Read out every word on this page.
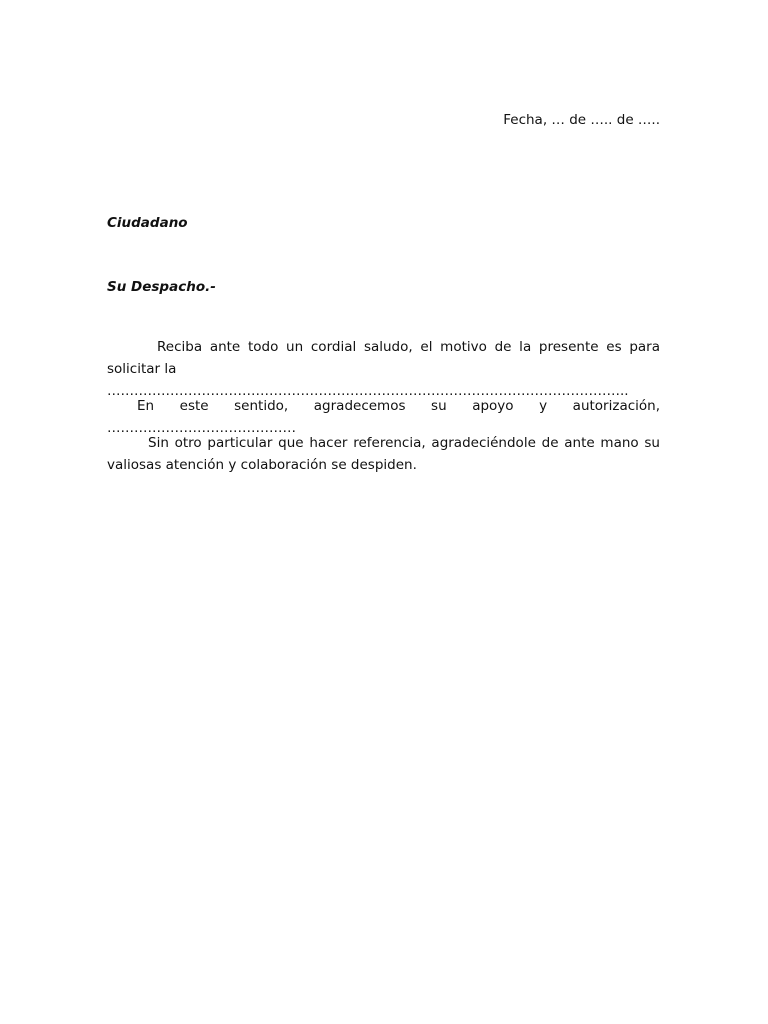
Fecha, … de ….. de …..
Ciudadano
Su Despacho.-
Reciba ante todo un cordial saludo, el motivo de la presente es para solicitar la
……………………………………………………………………………………………………..
En este sentido, agradecemos su apoyo y autorización, ……………………………………
Sin otro particular que hacer referencia, agradeciéndole de ante mano su valiosas atención y colaboración se despiden.
